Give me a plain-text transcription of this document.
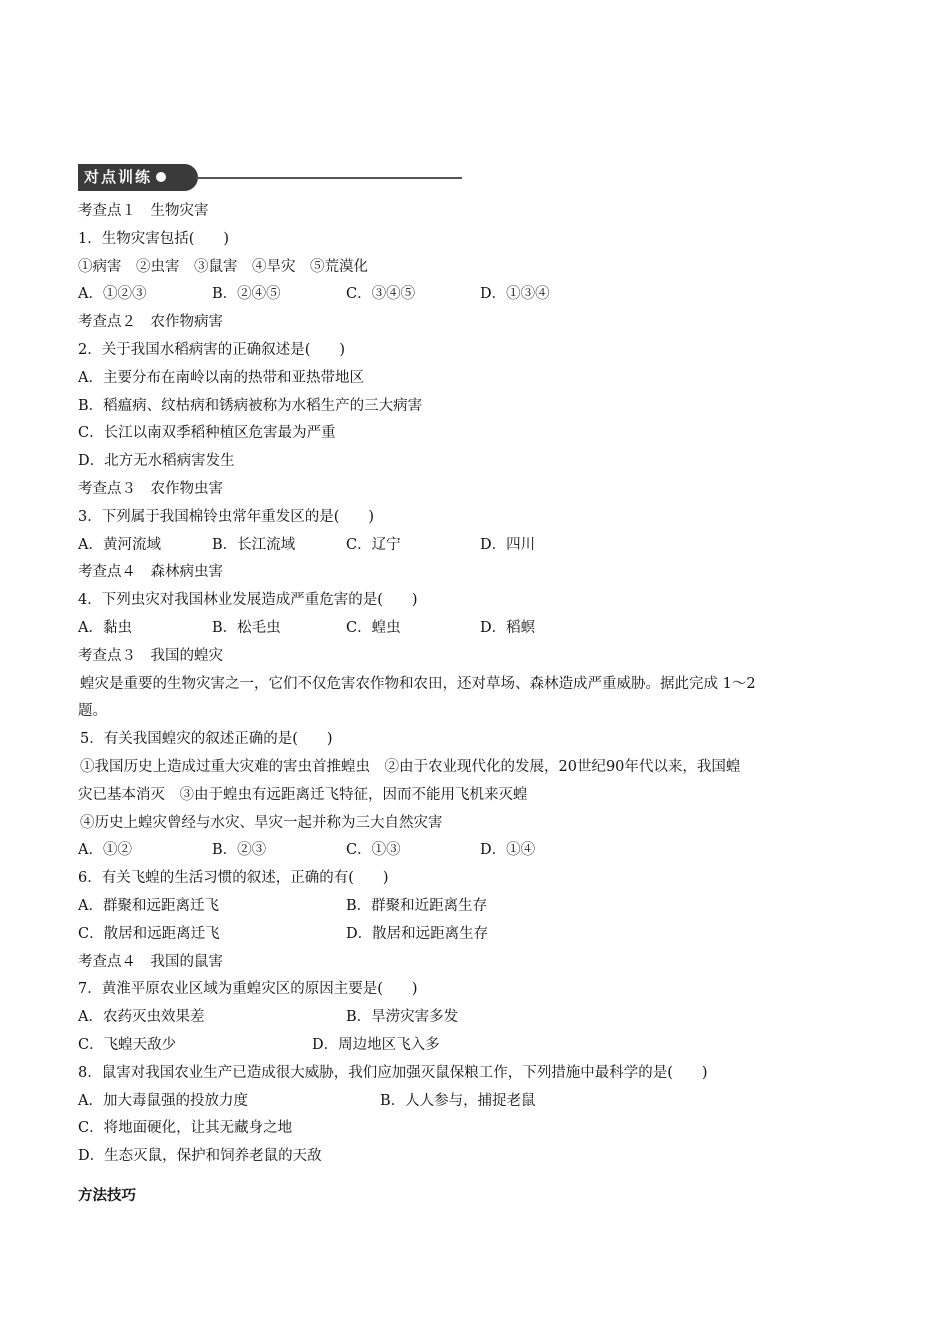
对点训练
考查点１　生物灾害
1．生物灾害包括(　　)
①病害　②虫害　③鼠害　④旱灾　⑤荒漠化
A．①②③	B．②④⑤	C．③④⑤	D．①③④
考查点２　农作物病害
2．关于我国水稻病害的正确叙述是(　　)
A．主要分布在南岭以南的热带和亚热带地区
B．稻瘟病、纹枯病和锈病被称为水稻生产的三大病害
C．长江以南双季稻种植区危害最为严重
D．北方无水稻病害发生
考查点３　农作物虫害
3．下列属于我国棉铃虫常年重发区的是(　　)
A．黄河流域	B．长江流域	C．辽宁	D．四川
考查点４　森林病虫害
4．下列虫灾对我国林业发展造成严重危害的是(　　)
A．黏虫	B．松毛虫	C．蝗虫	D．稻螟
考查点３　我国的蝗灾
蝗灾是重要的生物灾害之一，它们不仅危害农作物和农田，还对草场、森林造成严重威胁。据此完成 1～2
题。
5．有关我国蝗灾的叙述正确的是(　　)
①我国历史上造成过重大灾难的害虫首推蝗虫　②由于农业现代化的发展，20世纪90年代以来，我国蝗
灾已基本消灭　③由于蝗虫有远距离迁飞特征，因而不能用飞机来灭蝗
④历史上蝗灾曾经与水灾、旱灾一起并称为三大自然灾害
A．①②	B．②③	C．①③	D．①④
6．有关飞蝗的生活习惯的叙述，正确的有(　　)
A．群聚和远距离迁飞	B．群聚和近距离生存
C．散居和远距离迁飞	D．散居和远距离生存
考查点４　我国的鼠害
7．黄淮平原农业区域为重蝗灾区的原因主要是(　　)
A．农药灭虫效果差	B．旱涝灾害多发
C．飞蝗天敌少	D．周边地区飞入多
8．鼠害对我国农业生产已造成很大威胁，我们应加强灭鼠保粮工作，下列措施中最科学的是(　　)
A．加大毒鼠强的投放力度	B．人人参与，捕捉老鼠
C．将地面硬化，让其无藏身之地
D．生态灭鼠，保护和饲养老鼠的天敌
方法技巧
